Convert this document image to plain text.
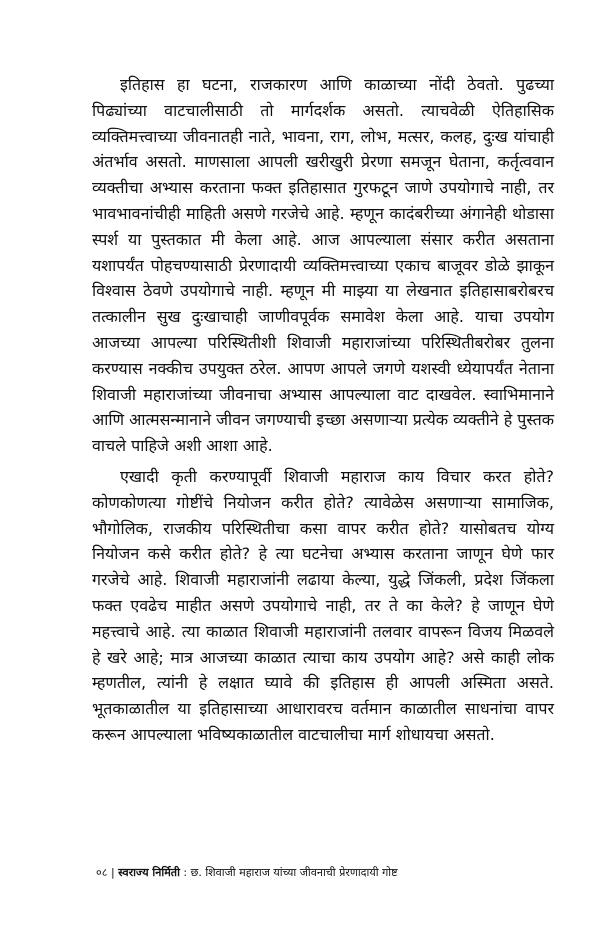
इतिहास हा घटना, राजकारण आणि काळाच्या नोंदी ठेवतो. पुढच्या पिढ्यांच्या वाटचालीसाठी तो मार्गदर्शक असतो. त्याचवेळी ऐतिहासिक व्यक्तिमत्त्वाच्या जीवनातही नाते, भावना, राग, लोभ, मत्सर, कलह, दुःख यांचाही अंतर्भाव असतो. माणसाला आपली खरीखुरी प्रेरणा समजून घेताना, कर्तृत्ववान व्यक्तीचा अभ्यास करताना फक्त इतिहासात गुरफटून जाणे उपयोगाचे नाही, तर भावभावनांचीही माहिती असणे गरजेचे आहे. म्हणून कादंबरीच्या अंगानेही थोडासा स्पर्श या पुस्तकात मी केला आहे. आज आपल्याला संसार करीत असताना यशापर्यंत पोहचण्यासाठी प्रेरणादायी व्यक्तिमत्त्वाच्या एकाच बाजूवर डोळे झाकून विश्वास ठेवणे उपयोगाचे नाही. म्हणून मी माझ्या या लेखनात इतिहासाबरोबरच तत्कालीन सुख दुःखाचाही जाणीवपूर्वक समावेश केला आहे. याचा उपयोग आजच्या आपल्या परिस्थितीशी शिवाजी महाराजांच्या परिस्थितीबरोबर तुलना करण्यास नक्कीच उपयुक्त ठरेल. आपण आपले जगणे यशस्वी ध्येयापर्यंत नेताना शिवाजी महाराजांच्या जीवनाचा अभ्यास आपल्याला वाट दाखवेल. स्वाभिमानाने आणि आत्मसन्मानाने जीवन जगण्याची इच्छा असणाऱ्या प्रत्येक व्यक्तीने हे पुस्तक वाचले पाहिजे अशी आशा आहे.

एखादी कृती करण्यापूर्वी शिवाजी महाराज काय विचार करत होते? कोणकोणत्या गोष्टींचे नियोजन करीत होते? त्यावेळेस असणाऱ्या सामाजिक, भौगोलिक, राजकीय परिस्थितीचा कसा वापर करीत होते? यासोबतच योग्य नियोजन कसे करीत होते? हे त्या घटनेचा अभ्यास करताना जाणून घेणे फार गरजेचे आहे. शिवाजी महाराजांनी लढाया केल्या, युद्धे जिंकली, प्रदेश जिंकला फक्त एवढेच माहीत असणे उपयोगाचे नाही, तर ते का केले? हे जाणून घेणे महत्त्वाचे आहे. त्या काळात शिवाजी महाराजांनी तलवार वापरून विजय मिळवले हे खरे आहे; मात्र आजच्या काळात त्याचा काय उपयोग आहे? असे काही लोक म्हणतील, त्यांनी हे लक्षात घ्यावे की इतिहास ही आपली अस्मिता असते. भूतकाळातील या इतिहासाच्या आधारावरच वर्तमान काळातील साधनांचा वापर करून आपल्याला भविष्यकाळातील वाटचालीचा मार्ग शोधायचा असतो.

०८ | स्वराज्य निर्मिती : छ. शिवाजी महाराज यांच्या जीवनाची प्रेरणादायी गोष्ट
